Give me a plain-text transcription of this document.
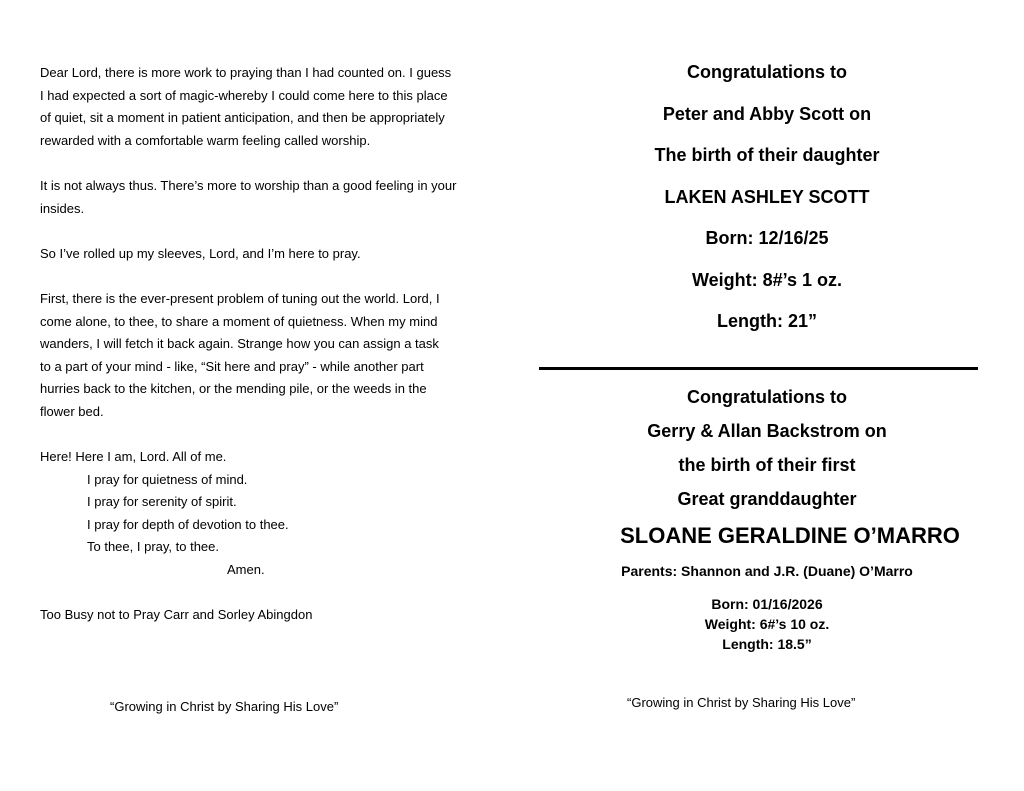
Dear Lord, there is more work to praying than I had counted on. I guess I had expected a sort of magic-whereby I could come here to this place of quiet, sit a moment in patient anticipation, and then be appropriately rewarded with a comfortable warm feeling called worship.

It is not always thus. There’s more to worship than a good feeling in your insides.

So I’ve rolled up my sleeves, Lord, and I’m here to pray.

First, there is the ever-present problem of tuning out the world. Lord, I come alone, to thee, to share a moment of quietness. When my mind wanders, I will fetch it back again. Strange how you can assign a task to a part of your mind - like, “Sit here and pray” - while another part hurries back to the kitchen, or the mending pile, or the weeds in the flower bed.

Here! Here I am, Lord. All of me.

I pray for quietness of mind.

I pray for serenity of spirit.

I pray for depth of devotion to thee.

To thee, I pray, to thee.

Amen.

Too Busy not to Pray Carr and Sorley Abingdon

“Growing in Christ by Sharing His Love”
Congratulations to
Peter and Abby Scott on
The birth of their daughter
LAKEN ASHLEY SCOTT
Born: 12/16/25
Weight: 8#’s 1 oz.
Length: 21”
Congratulations to
Gerry & Allan Backstrom on
the birth of their first
Great granddaughter
SLOANE GERALDINE O’MARRO
Parents: Shannon and J.R. (Duane) O’Marro
Born: 01/16/2026
Weight: 6#’s 10 oz.
Length: 18.5”
“Growing in Christ by Sharing His Love”
